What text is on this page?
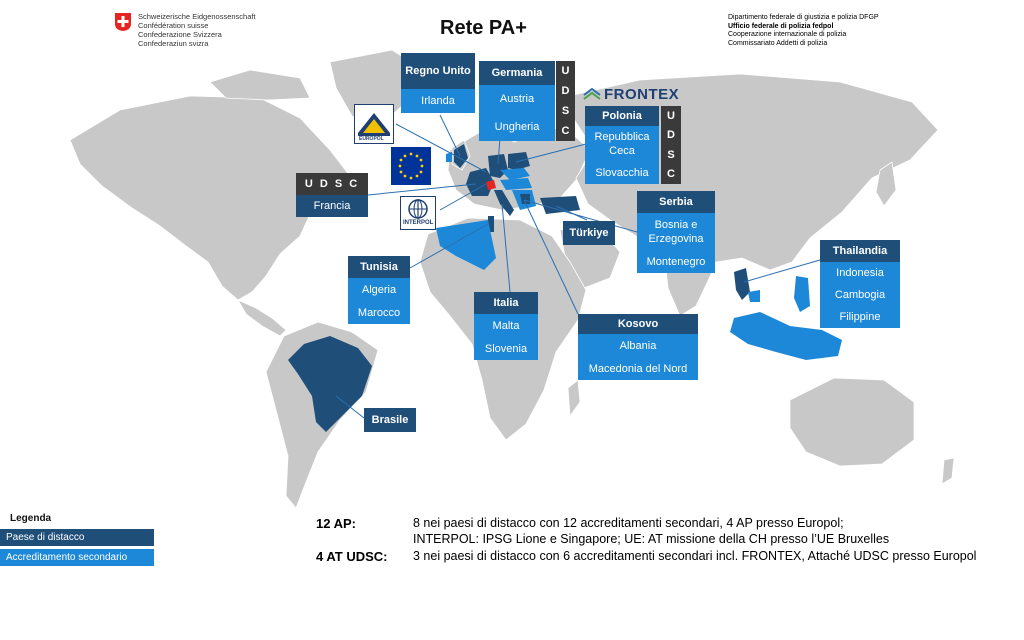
Schweizerische Eidgenossenschaft
Confédération suisse
Confederazione Svizzera
Confederaziun svizra
Rete PA+	Dipartimento federale di giustizia e polizia DFGP
Ufficio federale di polizia fedpol
Cooperazione internazionale di polizia
Commissariato Addetti di polizia
Regno Unito
Irlanda
Germania
Austria
Ungheria
U
D
S
C
FRONTEX
Polonia
Repubblica Ceca
Slovacchia
U
D
S
C
EUROPOL
U D S C
Francia
INTERPOL
Serbia
Bosnia e Erzegovina
Montenegro
Türkiye
Tunisia
Algeria
Marocco
Thailandia
Indonesia
Cambogia
Filippine
Italia
Malta
Slovenia
Kosovo
Albania
Macedonia del Nord
Brasile
Legenda
Paese di distacco
Accreditamento secondario
12 AP:	8 nei paesi di distacco con 12 accreditamenti secondari, 4 AP presso Europol;
INTERPOL: IPSG Lione e Singapore; UE: AT missione della CH presso l’UE Bruxelles
4 AT UDSC: 3 nei paesi di distacco con 6 accreditamenti secondari incl. FRONTEX, Attaché UDSC presso Europol
